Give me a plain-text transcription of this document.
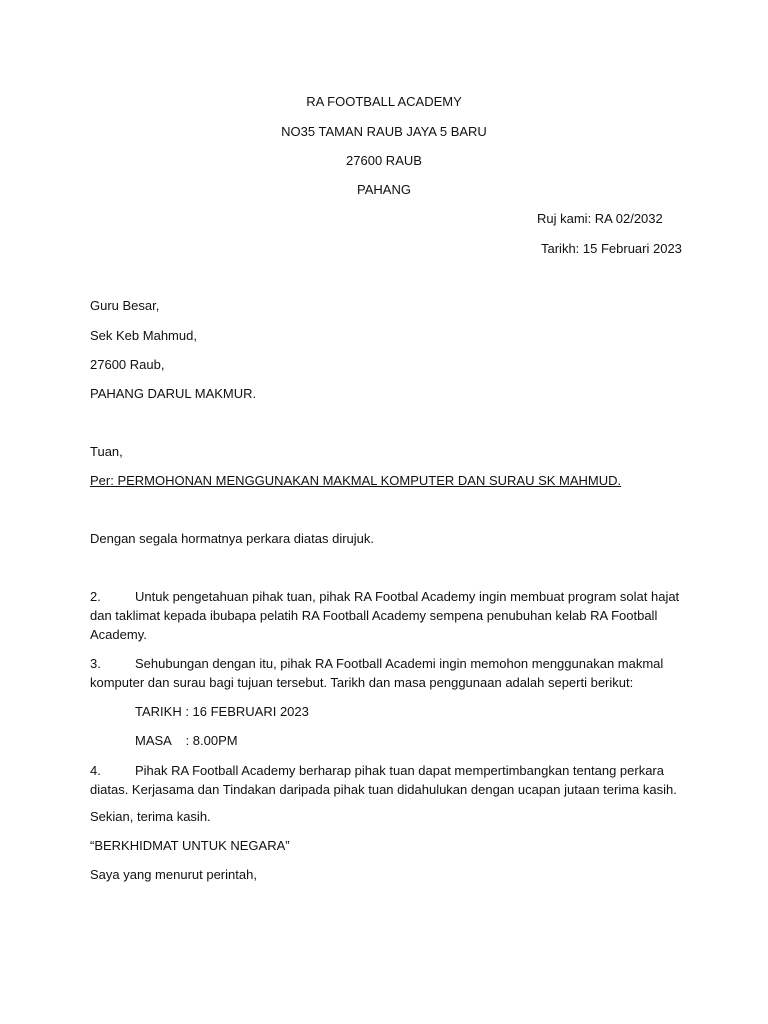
RA FOOTBALL ACADEMY
NO35 TAMAN RAUB JAYA 5 BARU
27600 RAUB
PAHANG
Ruj kami: RA 02/2032
Tarikh: 15 Februari 2023
Guru Besar,
Sek Keb Mahmud,
27600 Raub,
PAHANG DARUL MAKMUR.
Tuan,
Per: PERMOHONAN MENGGUNAKAN MAKMAL KOMPUTER DAN SURAU SK MAHMUD.
Dengan segala hormatnya perkara diatas dirujuk.
2.	Untuk pengetahuan pihak tuan, pihak RA Footbal Academy ingin membuat program solat hajat dan taklimat kepada ibubapa pelatih RA Football Academy sempena penubuhan kelab RA Football Academy.
3.	Sehubungan dengan itu, pihak RA Football Academi ingin memohon menggunakan makmal komputer dan surau bagi tujuan tersebut. Tarikh dan masa penggunaan adalah seperti berikut:
TARIKH : 16 FEBRUARI 2023
MASA    : 8.00PM
4.	Pihak RA Football Academy berharap pihak tuan dapat mempertimbangkan tentang perkara diatas. Kerjasama dan Tindakan daripada pihak tuan didahulukan dengan ucapan jutaan terima kasih.
Sekian, terima kasih.
“BERKHIDMAT UNTUK NEGARA”
Saya yang menurut perintah,
